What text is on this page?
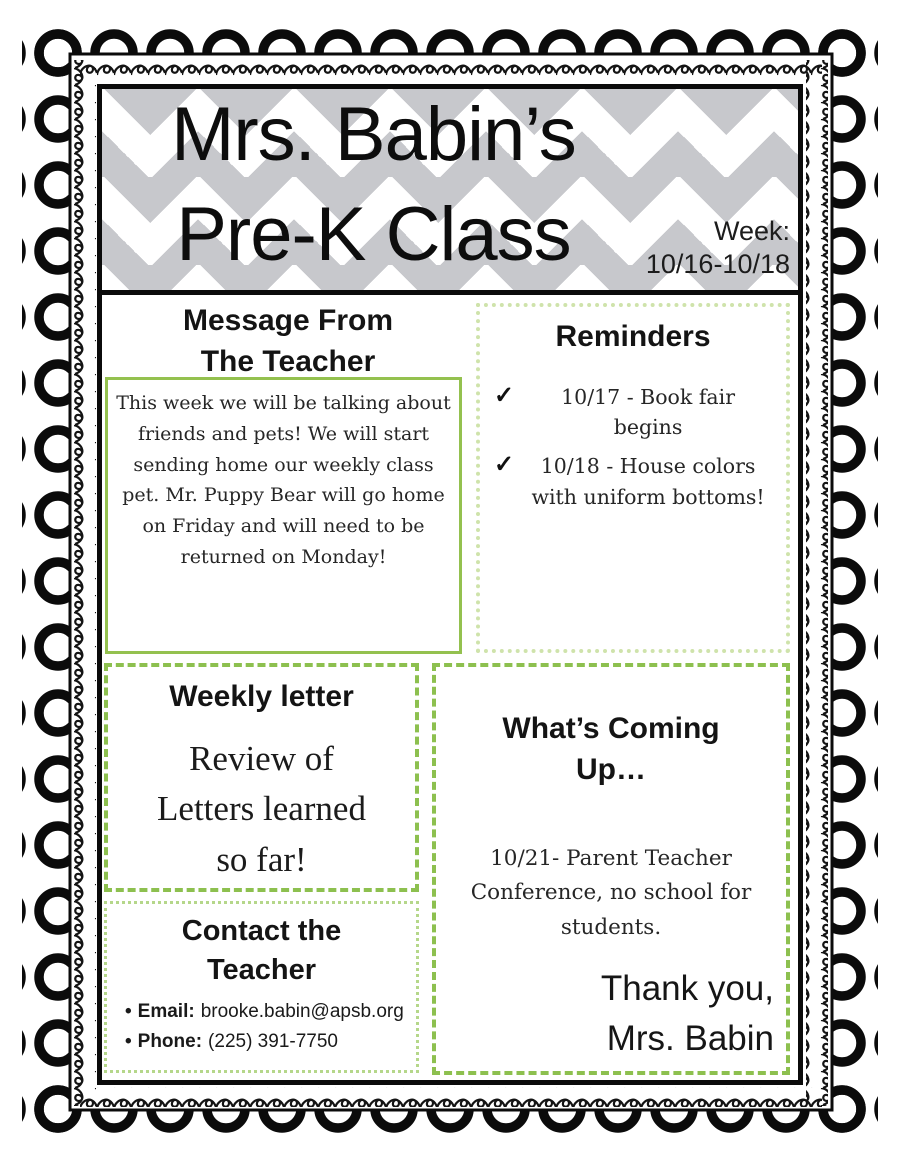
Mrs. Babin’s
Pre-K Class	Week:
10/16-10/18
Message From
The Teacher
This week we will be talking about friends and pets! We will start sending home our weekly class pet. Mr. Puppy Bear will go home on Friday and will need to be returned on Monday!
Reminders
✓	10/17 - Book fair begins
✓	10/18 - House colors with uniform bottoms!
Weekly letter
Review of
Letters learned
so far!
What’s Coming
Up…
10/21- Parent Teacher Conference, no school for students.
Thank you,
Mrs. Babin
Contact the
Teacher
• Email: brooke.babin@apsb.org
• Phone: (225) 391-7750
